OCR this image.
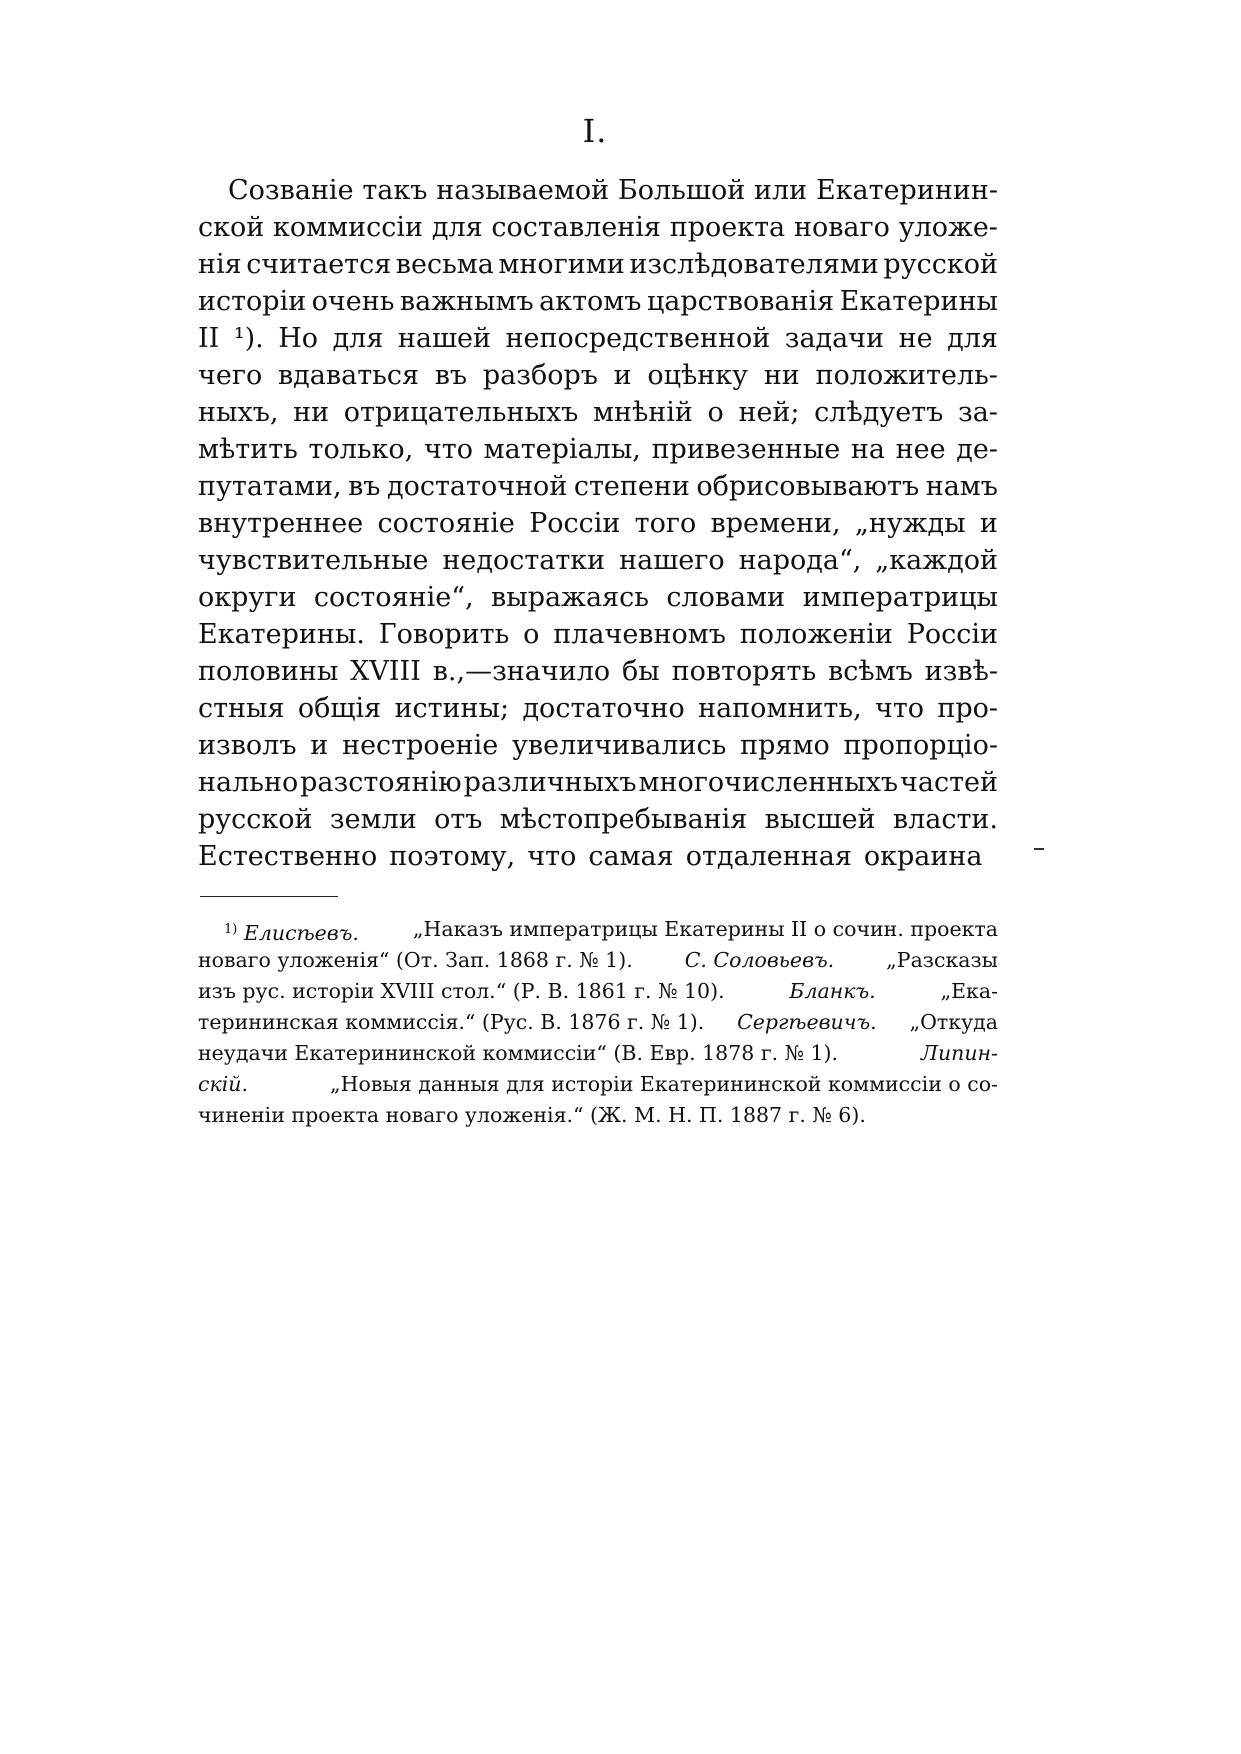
I.
Созванiе такъ называемой Большой или Екатеринин-
ской коммиссiи для составленiя проекта новаго уложе-
нiя считается весьма многими изслѣдователями русской
исторiи очень важнымъ актомъ царствованiя Екатерины
II ¹). Но для нашей непосредственной задачи не для
чего вдаваться въ разборъ и оцѣнку ни положитель-
ныхъ, ни отрицательныхъ мнѣнiй о ней; слѣдуетъ за-
мѣтить только, что матерiалы, привезенные на нее де-
путатами, въ достаточной степени обрисовываютъ намъ
внутреннее состоянiе Россiи того времени, „нужды и
чувствительные недостатки нашего народа“, „каждой
округи состоянiе“, выражаясь словами императрицы
Екатерины. Говорить о плачевномъ положенiи Россiи
половины XVIII в.,—значило бы повторять всѣмъ извѣ-
стныя общiя истины; достаточно напомнить, что про-
изволъ и нестроенiе увеличивались прямо пропорцiо-
нально разстоянiю различныхъ многочисленныхъ частей
русской земли отъ мѣстопребыванiя высшей власти.
Естественно поэтому, что самая отдаленная окраина
$^{1)}$ Елисѣевъ.	„Наказъ императрицы Екатерины II о сочин. проекта
новаго уложенiя“ (От. Зап. 1868 г. № 1).	С. Соловьевъ.	„Разсказы
изъ рус. исторiи XVIII стол.“ (Р. В. 1861 г. № 10).	Бланкъ.	„Ека-
терининская коммиссiя.“ (Рус. В. 1876 г. № 1). Сергѣевичъ. „Откуда
неудачи Екатерининской коммиссiи“ (В. Евр. 1878 г. № 1).	Липин-
скiй.	„Новыя данныя для исторiи Екатерининской коммиссiи о со-
чиненiи проекта новаго уложенiя.“ (Ж. М. Н. П. 1887 г. № 6).
